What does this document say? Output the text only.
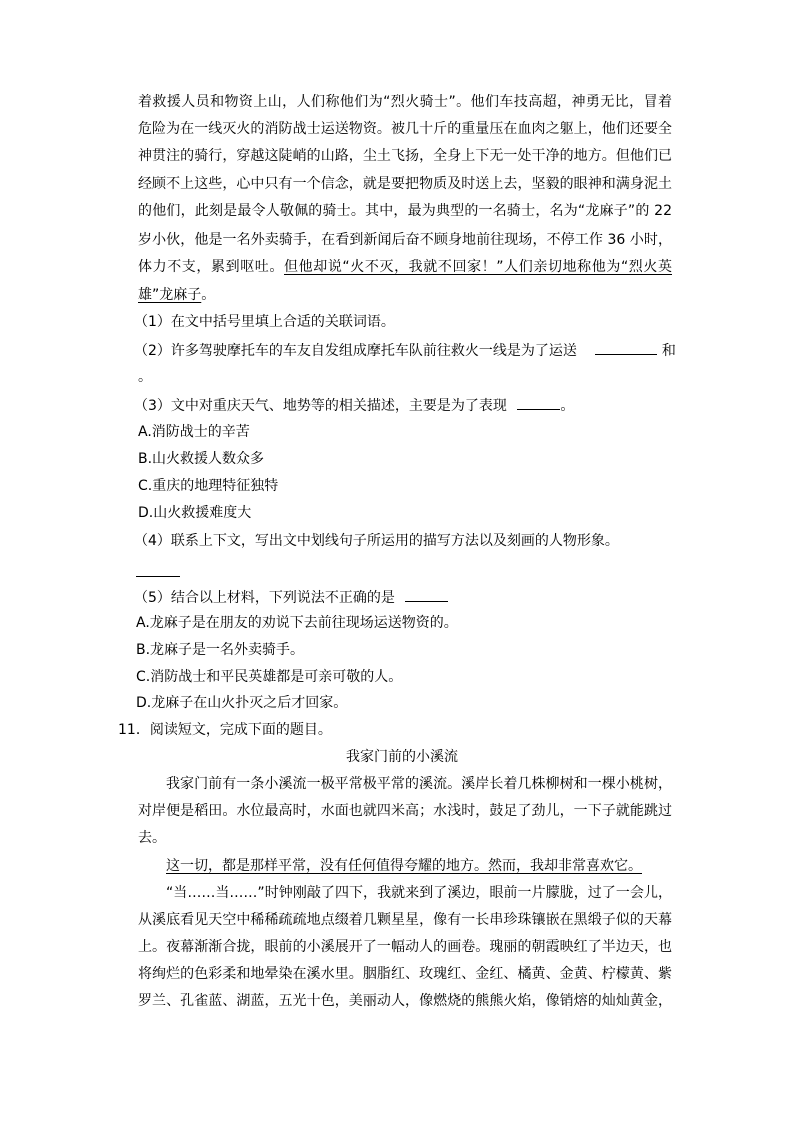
着救援人员和物资上山，人们称他们为“烈火骑士”。他们车技高超，神勇无比，冒着
危险为在一线灭火的消防战士运送物资。被几十斤的重量压在血肉之躯上，他们还要全
神贯注的骑行，穿越这陡峭的山路，尘土飞扬，全身上下无一处干净的地方。但他们已
经顾不上这些，心中只有一个信念，就是要把物质及时送上去，坚毅的眼神和满身泥土
的他们，此刻是最令人敬佩的骑士。其中，最为典型的一名骑士，名为“龙麻子”的 22
岁小伙，他是一名外卖骑手，在看到新闻后奋不顾身地前往现场，不停工作 36 小时，
体力不支，累到呕吐。但他却说“火不灭，我就不回家！”人们亲切地称他为“烈火英
雄”龙麻子。
（1）在文中括号里填上合适的关联词语。
（2）许多驾驶摩托车的车友自发组成摩托车队前往救火一线是为了运送	和
。
（3）文中对重庆天气、地势等的相关描述，主要是为了表现	。
A.消防战士的辛苦
B.山火救援人数众多
C.重庆的地理特征独特
D.山火救援难度大
（4）联系上下文，写出文中划线句子所运用的描写方法以及刻画的人物形象。
（5）结合以上材料，下列说法不正确的是
A.龙麻子是在朋友的劝说下去前往现场运送物资的。
B.龙麻子是一名外卖骑手。
C.消防战士和平民英雄都是可亲可敬的人。
D.龙麻子在山火扑灭之后才回家。
11．阅读短文，完成下面的题目。
我家门前的小溪流
我家门前有一条小溪流一极平常极平常的溪流。溪岸长着几株柳树和一棵小桃树，
对岸便是稻田。水位最高时，水面也就四米高；水浅时，鼓足了劲儿，一下子就能跳过
去。
这一切，都是那样平常，没有任何值得夸耀的地方。然而，我却非常喜欢它。
“当……当……”时钟刚敲了四下，我就来到了溪边，眼前一片朦胧，过了一会儿，
从溪底看见天空中稀稀疏疏地点缀着几颗星星，像有一长串珍珠镶嵌在黑缎子似的天幕
上。夜幕渐渐合拢，眼前的小溪展开了一幅动人的画卷。瑰丽的朝霞映红了半边天，也
将绚烂的色彩柔和地晕染在溪水里。胭脂红、玫瑰红、金红、橘黄、金黄、柠檬黄、紫
罗兰、孔雀蓝、湖蓝，五光十色，美丽动人，像燃烧的熊熊火焰，像销熔的灿灿黄金，
